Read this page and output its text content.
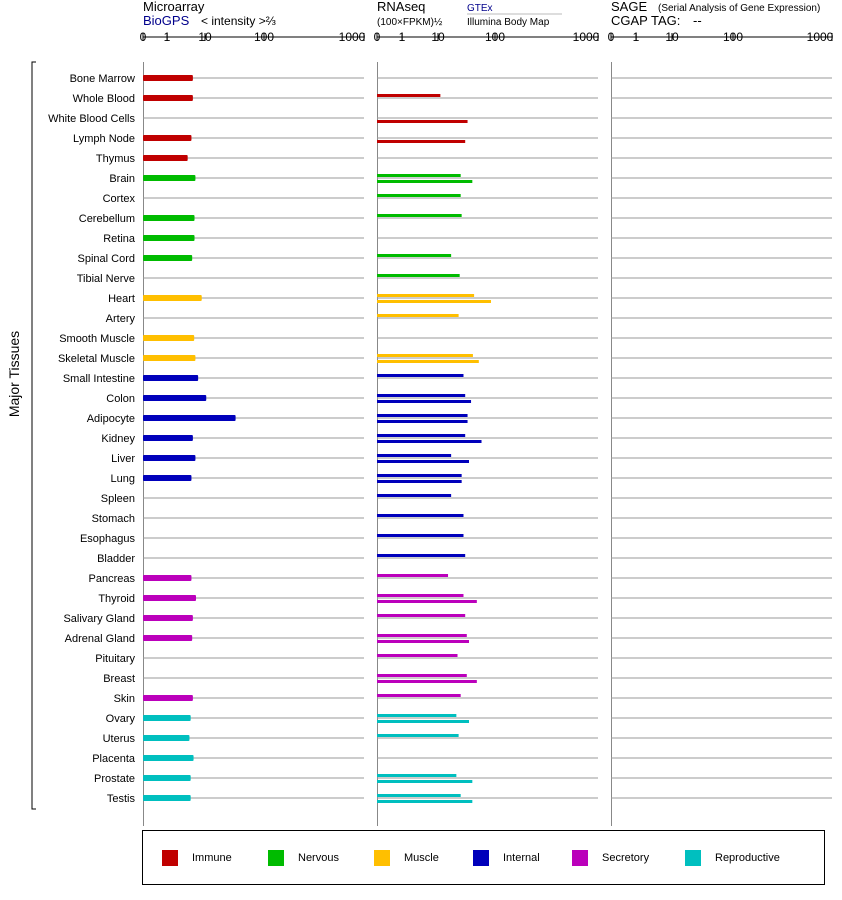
Microarray
BioGPS < intensity >⅔
RNAseq
(100×FPKM)½
GTEx
Illumina Body Map
SAGE (Serial Analysis of Gene Expression)
CGAP TAG: --
Major Tissues
0 1 10	100	1000 0 1 10	100	1000 0 1 10	100	1000
Bone Marrow
Whole Blood
White Blood Cells
Lymph Node
Thymus
Brain
Cortex
Cerebellum
Retina
Spinal Cord
Tibial Nerve
Heart
Artery
Smooth Muscle
Skeletal Muscle
Small Intestine
Colon
Adipocyte
Kidney
Liver
Lung
Spleen
Stomach
Esophagus
Bladder
Pancreas
Thyroid
Salivary Gland
Adrenal Gland
Pituitary
Breast
Skin
Ovary
Uterus
Placenta
Prostate
Testis
Immune	Nervous	Muscle	Internal	Secretory	Reproductive
